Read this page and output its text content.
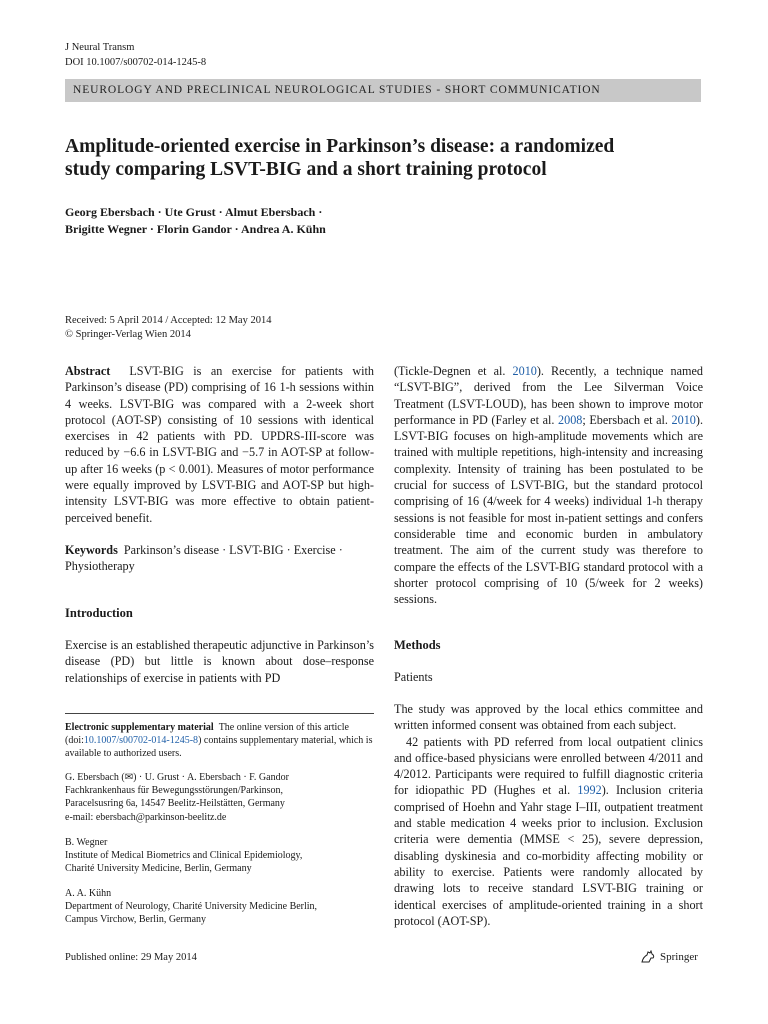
J Neural Transm
DOI 10.1007/s00702-014-1245-8
NEUROLOGY AND PRECLINICAL NEUROLOGICAL STUDIES - SHORT COMMUNICATION
Amplitude-oriented exercise in Parkinson’s disease: a randomized
study comparing LSVT-BIG and a short training protocol
Georg Ebersbach · Ute Grust · Almut Ebersbach ·
Brigitte Wegner · Florin Gandor · Andrea A. Kühn
Received: 5 April 2014 / Accepted: 12 May 2014
© Springer-Verlag Wien 2014

Abstract LSVT-BIG is an exercise for patients with Parkinson’s disease (PD) comprising of 16 1-h sessions within 4 weeks. LSVT-BIG was compared with a 2-week short protocol (AOT-SP) consisting of 10 sessions with identical exercises in 42 patients with PD. UPDRS-III-score was reduced by −6.6 in LSVT-BIG and −5.7 in AOT-SP at follow-up after 16 weeks (p < 0.001). Measures of motor performance were equally improved by LSVT-BIG and AOT-SP but high-intensity LSVT-BIG was more effective to obtain patient-perceived benefit.

Keywords Parkinson’s disease · LSVT-BIG · Exercise · Physiotherapy

Introduction
Exercise is an established therapeutic adjunctive in Parkinson’s disease (PD) but little is known about dose–response relationships of exercise in patients with PD
Electronic supplementary material The online version of this article (doi:10.1007/s00702-014-1245-8) contains supplementary material, which is available to authorized users.
G. Ebersbach (✉) · U. Grust · A. Ebersbach · F. Gandor
Fachkrankenhaus für Bewegungsstörungen/Parkinson,
Paracelsusring 6a, 14547 Beelitz-Heilstätten, Germany
e-mail: ebersbach@parkinson-beelitz.de
B. Wegner
Institute of Medical Biometrics and Clinical Epidemiology,
Charité University Medicine, Berlin, Germany
A. A. Kühn
Department of Neurology, Charité University Medicine Berlin,
Campus Virchow, Berlin, Germany

(Tickle-Degnen et al. 2010). Recently, a technique named “LSVT-BIG”, derived from the Lee Silverman Voice Treatment (LSVT-LOUD), has been shown to improve motor performance in PD (Farley et al. 2008; Ebersbach et al. 2010). LSVT-BIG focuses on high-amplitude movements which are trained with multiple repetitions, high-intensity and increasing complexity. Intensity of training has been postulated to be crucial for success of LSVT-BIG, but the standard protocol comprising of 16 (4/week for 4 weeks) individual 1-h therapy sessions is not feasible for most in-patient settings and confers considerable time and economic burden in ambulatory treatment. The aim of the current study was therefore to compare the effects of the LSVT-BIG standard protocol with a shorter protocol comprising of 10 (5/week for 2 weeks) sessions.

Methods
Patients

The study was approved by the local ethics committee and written informed consent was obtained from each subject.

42 patients with PD referred from local outpatient clinics and office-based physicians were enrolled between 4/2011 and 4/2012. Participants were required to fulfill diagnostic criteria for idiopathic PD (Hughes et al. 1992). Inclusion criteria comprised of Hoehn and Yahr stage I–III, outpatient treatment and stable medication 4 weeks prior to inclusion. Exclusion criteria were dementia (MMSE < 25), severe depression, disabling dyskinesia and co-morbidity affecting mobility or ability to exercise. Patients were randomly allocated by drawing lots to receive standard LSVT-BIG training or identical exercises of amplitude-oriented training in a short protocol (AOT-SP).

Published online: 29 May 2014	Springer
